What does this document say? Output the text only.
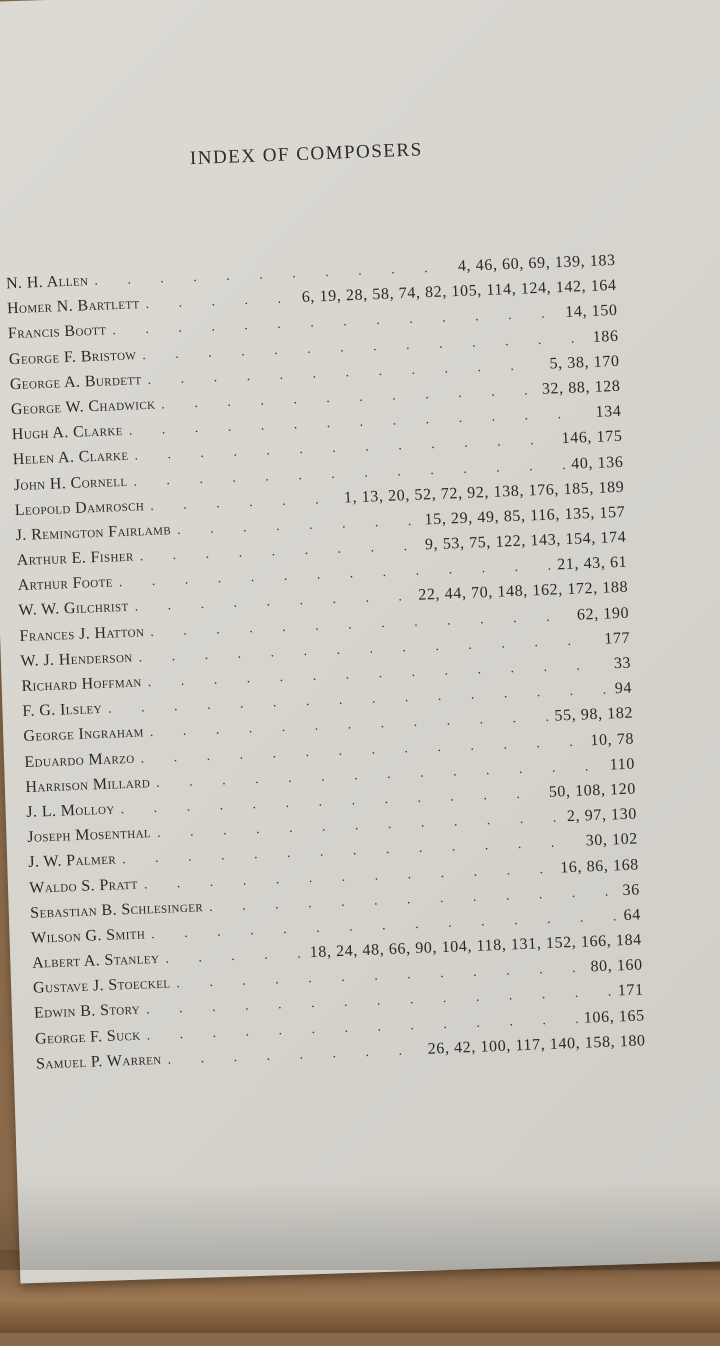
INDEX OF COMPOSERS
N. H. Allen
. . .
4, 46, 60, 69, 139, 183
Homer N. Bartlett
. . .
6, 19, 28, 58, 74, 82, 105, 114, 124, 142, 164
Francis Boott
. . .
14, 150
George F. Bristow
. . .
186
George A. Burdett
. . .
5, 38, 170
George W. Chadwick
. . .
32, 88, 128
Hugh A. Clarke
. . .
134
Helen A. Clarke
. . .
146, 175
John H. Cornell
. . .
40, 136
Leopold Damrosch
. . .
1, 13, 20, 52, 72, 92, 138, 176, 185, 189
J. Remington Fairlamb
. . .
15, 29, 49, 85, 116, 135, 157
Arthur E. Fisher
. . .
9, 53, 75, 122, 143, 154, 174
Arthur Foote
. . .
21, 43, 61
W. W. Gilchrist
. . .
22, 44, 70, 148, 162, 172, 188
Frances J. Hatton
. . .
62, 190
W. J. Henderson
. . .
177
Richard Hoffman
. . .
33
F. G. Ilsley
. . .
94
George Ingraham
. . .
55, 98, 182
Eduardo Marzo
. . .
10, 78
Harrison Millard
. . .
110
J. L. Molloy
. . .
50, 108, 120
Joseph Mosenthal
. . .
2, 97, 130
J. W. Palmer
. . .
30, 102
Waldo S. Pratt
. . .
16, 86, 168
Sebastian B. Schlesinger
. . .
36
Wilson G. Smith
. . .
64
Albert A. Stanley
. . .	18, 24, 48, 66, 90, 104, 118, 131, 152, 166, 184
Gustave J. Stoeckel
. . .
80, 160
Edwin B. Story
. . .
171
George F. Suck
. . .
106, 165
Samuel P. Warren
. . .
26, 42, 100, 117, 140, 158, 180
